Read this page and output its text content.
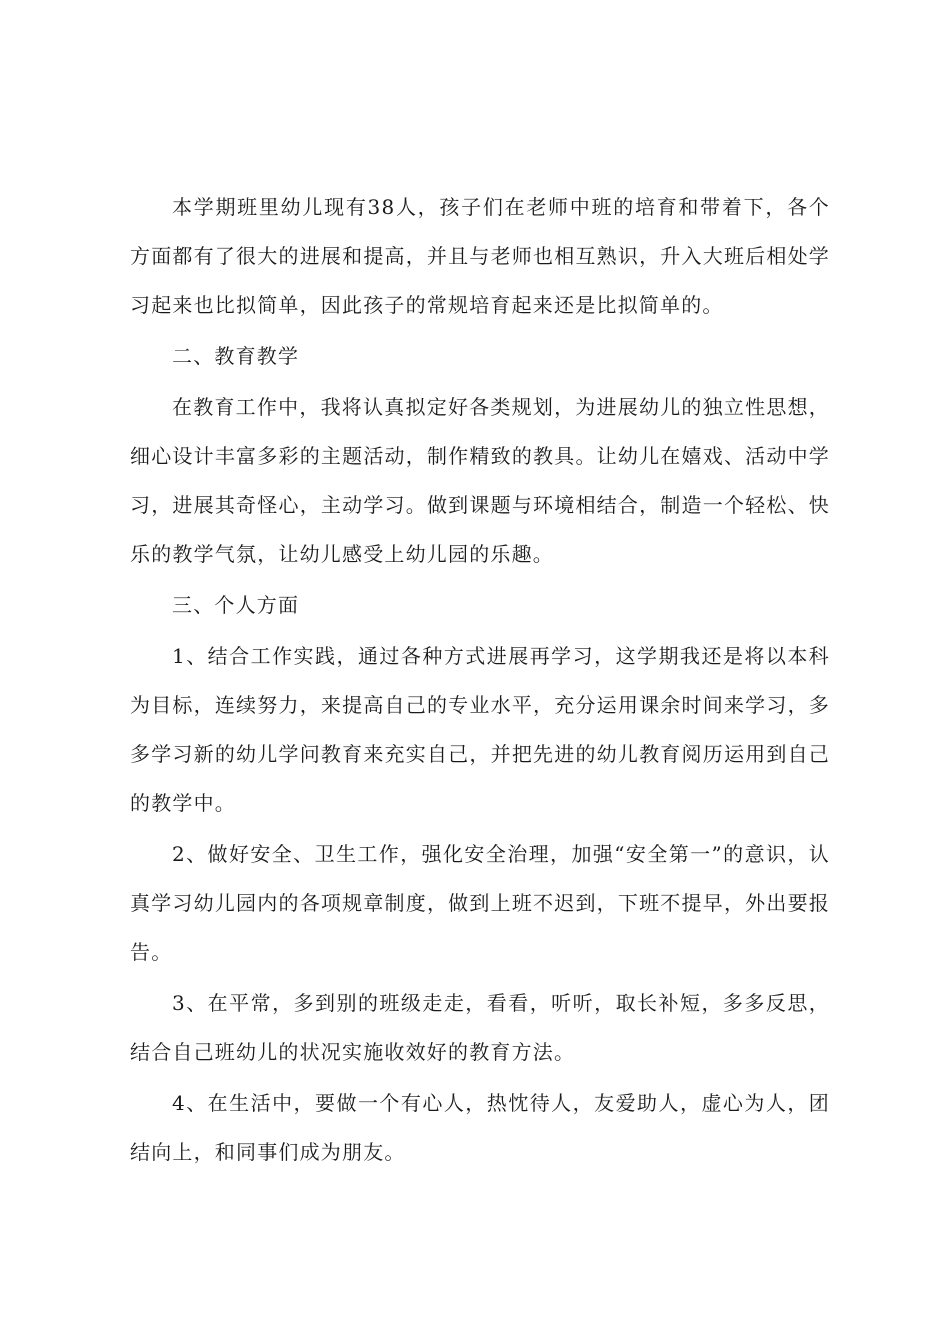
本学期班里幼儿现有38人，孩子们在老师中班的培育和带着下，各个方面都有了很大的进展和提高，并且与老师也相互熟识，升入大班后相处学习起来也比拟简单，因此孩子的常规培育起来还是比拟简单的。

二、教育教学

在教育工作中，我将认真拟定好各类规划，为进展幼儿的独立性思想，细心设计丰富多彩的主题活动，制作精致的教具。让幼儿在嬉戏、活动中学习，进展其奇怪心，主动学习。做到课题与环境相结合，制造一个轻松、快乐的教学气氛，让幼儿感受上幼儿园的乐趣。

三、个人方面

1、结合工作实践，通过各种方式进展再学习，这学期我还是将以本科为目标，连续努力，来提高自己的专业水平，充分运用课余时间来学习，多多学习新的幼儿学问教育来充实自己，并把先进的幼儿教育阅历运用到自己的教学中。

2、做好安全、卫生工作，强化安全治理，加强“安全第一”的意识，认真学习幼儿园内的各项规章制度，做到上班不迟到，下班不提早，外出要报告。

3、在平常，多到别的班级走走，看看，听听，取长补短，多多反思，结合自己班幼儿的状况实施收效好的教育方法。

4、在生活中，要做一个有心人，热忱待人，友爱助人，虚心为人，团结向上，和同事们成为朋友。
